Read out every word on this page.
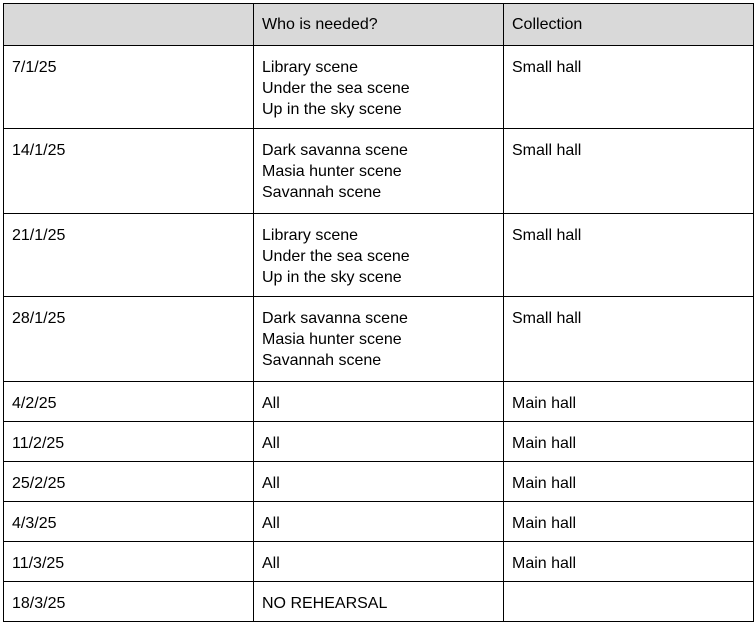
	Who is needed?	Collection
7/1/25	Library scene
Under the sea scene
Up in the sky scene	Small hall
14/1/25	Dark savanna scene
Masia hunter scene
Savannah scene	Small hall
21/1/25	Library scene
Under the sea scene
Up in the sky scene	Small hall
28/1/25	Dark savanna scene
Masia hunter scene
Savannah scene	Small hall
4/2/25	All	Main hall
11/2/25	All	Main hall
25/2/25	All	Main hall
4/3/25	All	Main hall
11/3/25	All	Main hall
18/3/25	NO REHEARSAL	
